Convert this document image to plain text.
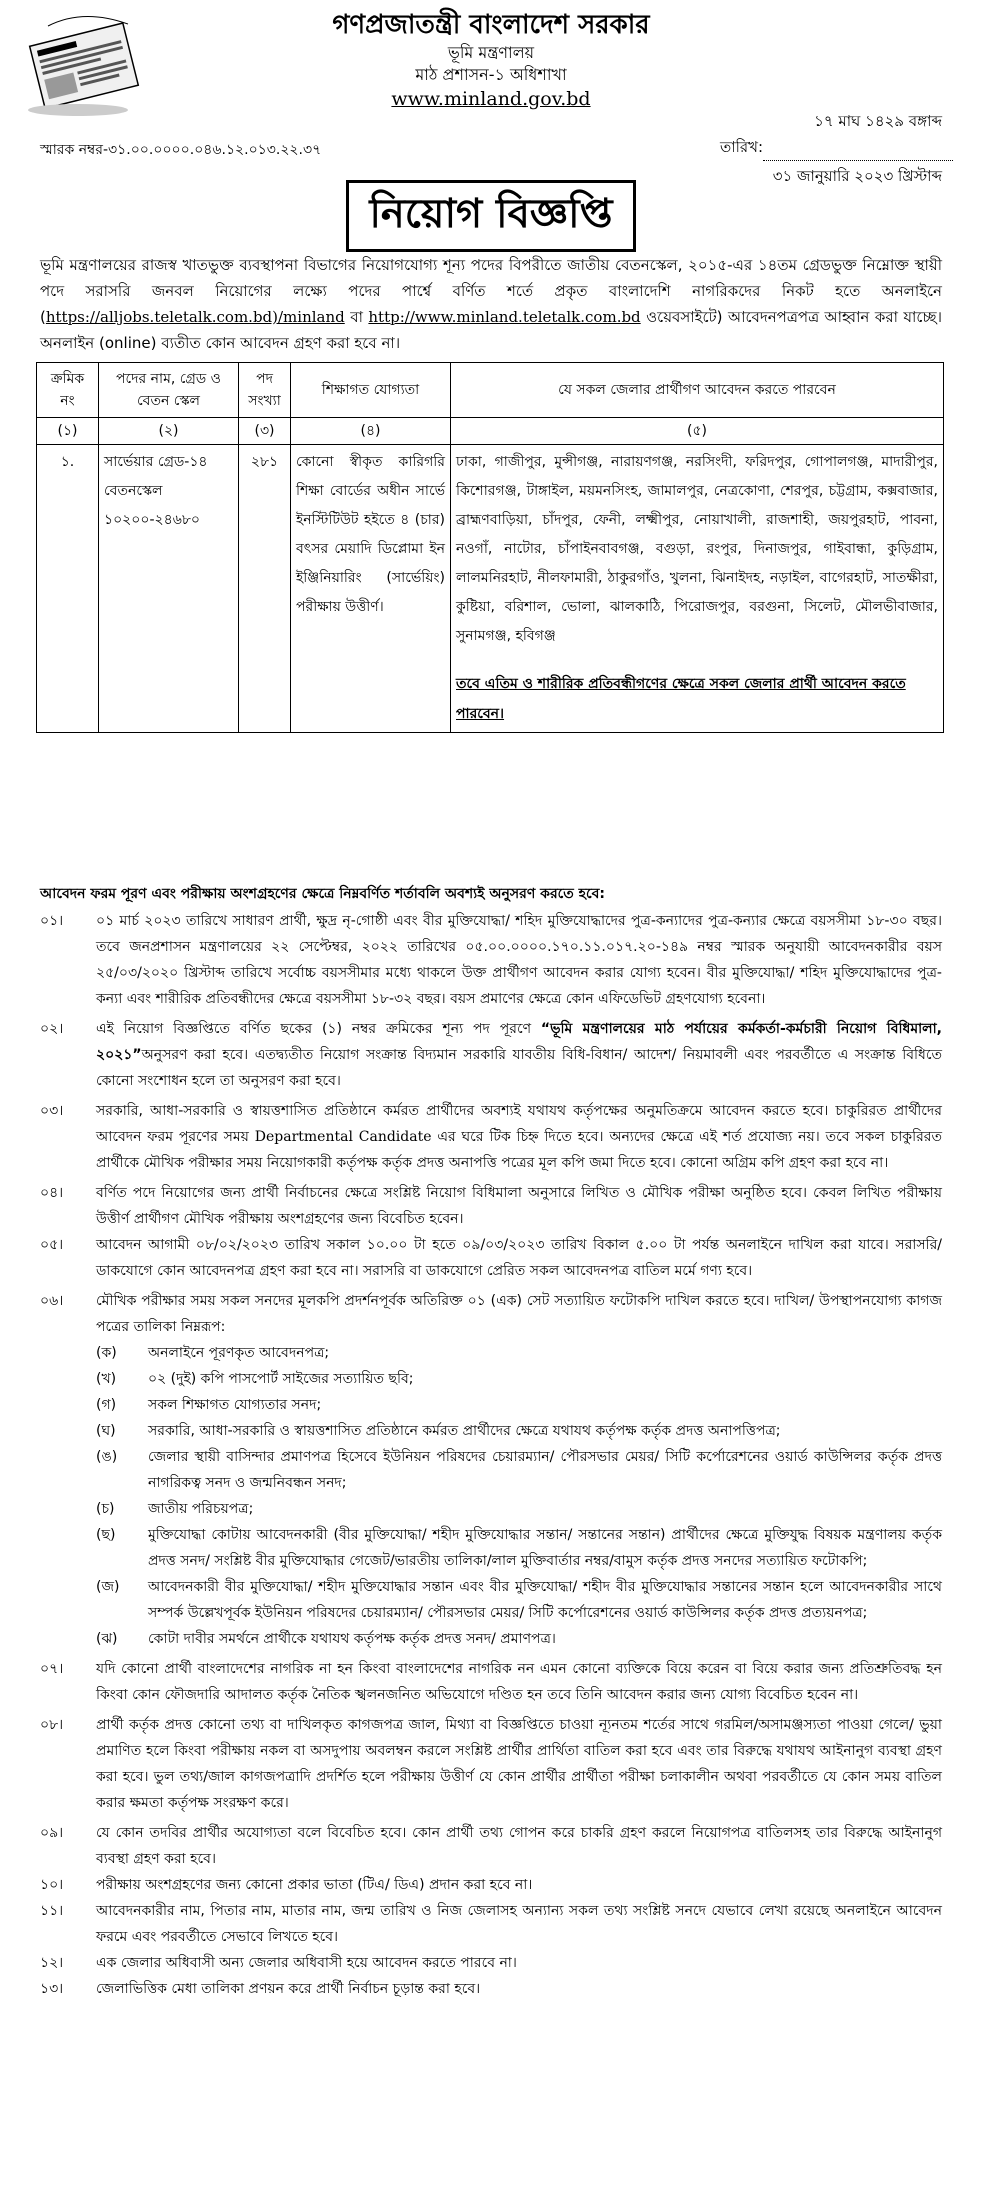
গণপ্রজাতন্ত্রী বাংলাদেশ সরকার
ভূমি মন্ত্রণালয়
মাঠ প্রশাসন-১ অধিশাখা
www.minland.gov.bd
১৭ মাঘ ১৪২৯ বঙ্গাব্দ
স্মারক নম্বর-৩১.০০.০০০০.০৪৬.১২.০১৩.২২.৩৭	তারিখ:
৩১ জানুয়ারি ২০২৩ খ্রিস্টাব্দ
নিয়োগ বিজ্ঞপ্তি
ভূমি মন্ত্রণালয়ের রাজস্ব খাতভুক্ত ব্যবস্থাপনা বিভাগের নিয়োগযোগ্য শূন্য পদের বিপরীতে জাতীয় বেতনস্কেল, ২০১৫-এর ১৪তম গ্রেডভুক্ত নিম্নোক্ত স্থায়ী পদে সরাসরি জনবল নিয়োগের লক্ষ্যে পদের পার্শ্বে বর্ণিত শর্তে প্রকৃত বাংলাদেশি নাগরিকদের নিকট হতে অনলাইনে (https://alljobs.teletalk.com.bd)/minland বা http://www.minland.teletalk.com.bd ওয়েবসাইটে) আবেদনপত্রপত্র আহ্বান করা যাচ্ছে। অনলাইন (online) ব্যতীত কোন আবেদন গ্রহণ করা হবে না।
ক্রমিক নং	পদের নাম, গ্রেড ও বেতন স্কেল	পদ সংখ্যা	শিক্ষাগত যোগ্যতা	যে সকল জেলার প্রার্থীগণ আবেদন করতে পারবেন
(১)	(২)	(৩)	(৪)	(৫)
১.	সার্ভেয়ার গ্রেড-১৪ বেতনস্কেল ১০২০০-২৪৬৮০	২৮১	কোনো স্বীকৃত কারিগরি শিক্ষা বোর্ডের অধীন সার্ভে ইনস্টিটিউট হইতে ৪ (চার) বৎসর মেয়াদি ডিপ্লোমা ইন ইঞ্জিনিয়ারিং (সার্ভেয়িং) পরীক্ষায় উত্তীর্ণ।	ঢাকা, গাজীপুর, মুন্সীগঞ্জ, নারায়ণগঞ্জ, নরসিংদী, ফরিদপুর, গোপালগঞ্জ, মাদারীপুর, কিশোরগঞ্জ, টাঙ্গাইল, ময়মনসিংহ, জামালপুর, নেত্রকোণা, শেরপুর, চট্টগ্রাম, কক্সবাজার, ব্রাহ্মণবাড়িয়া, চাঁদপুর, ফেনী, লক্ষ্মীপুর, নোয়াখালী, রাজশাহী, জয়পুরহাট, পাবনা, নওগাঁ, নাটোর, চাঁপাইনবাবগঞ্জ, বগুড়া, রংপুর, দিনাজপুর, গাইবান্ধা, কুড়িগ্রাম, লালমনিরহাট, নীলফামারী, ঠাকুরগাঁও, খুলনা, ঝিনাইদহ, নড়াইল, বাগেরহাট, সাতক্ষীরা, কুষ্টিয়া, বরিশাল, ভোলা, ঝালকাঠি, পিরোজপুর, বরগুনা, সিলেট, মৌলভীবাজার, সুনামগঞ্জ, হবিগঞ্জ
তবে এতিম ও শারীরিক প্রতিবন্ধীগণের ক্ষেত্রে সকল জেলার প্রার্থী আবেদন করতে পারবেন।
আবেদন ফরম পূরণ এবং পরীক্ষায় অংশগ্রহণের ক্ষেত্রে নিম্নবর্ণিত শর্তাবলি অবশ্যই অনুসরণ করতে হবে:
০১।	০১ মার্চ ২০২৩ তারিখে সাধারণ প্রার্থী, ক্ষুদ্র নৃ-গোষ্ঠী এবং বীর মুক্তিযোদ্ধা/ শহিদ মুক্তিযোদ্ধাদের পুত্র-কন্যাদের পুত্র-কন্যার ক্ষেত্রে বয়সসীমা ১৮-৩০ বছর। তবে জনপ্রশাসন মন্ত্রণালয়ের ২২ সেপ্টেম্বর, ২০২২ তারিখের ০৫.০০.০০০০.১৭০.১১.০১৭.২০-১৪৯ নম্বর স্মারক অনুযায়ী আবেদনকারীর বয়স ২৫/০৩/২০২০ খ্রিস্টাব্দ তারিখে সর্বোচ্চ বয়সসীমার মধ্যে থাকলে উক্ত প্রার্থীগণ আবেদন করার যোগ্য হবেন। বীর মুক্তিযোদ্ধা/ শহিদ মুক্তিযোদ্ধাদের পুত্র-কন্যা এবং শারীরিক প্রতিবন্ধীদের ক্ষেত্রে বয়সসীমা ১৮-৩২ বছর। বয়স প্রমাণের ক্ষেত্রে কোন এফিডেভিট গ্রহণযোগ্য হবেনা।
০২।	এই নিয়োগ বিজ্ঞপ্তিতে বর্ণিত ছকের (১) নম্বর ক্রমিকের শূন্য পদ পূরণে “ভূমি মন্ত্রণালয়ের মাঠ পর্যায়ের কর্মকর্তা-কর্মচারী নিয়োগ বিধিমালা, ২০২১”অনুসরণ করা হবে। এতদ্ব্যতীত নিয়োগ সংক্রান্ত বিদ্যমান সরকারি যাবতীয় বিধি-বিধান/ আদেশ/ নিয়মাবলী এবং পরবর্তীতে এ সংক্রান্ত বিধিতে কোনো সংশোধন হলে তা অনুসরণ করা হবে।
০৩।	সরকারি, আধা-সরকারি ও স্বায়ত্তশাসিত প্রতিষ্ঠানে কর্মরত প্রার্থীদের অবশ্যই যথাযথ কর্তৃপক্ষের অনুমতিক্রমে আবেদন করতে হবে। চাকুরিরত প্রার্থীদের আবেদন ফরম পূরণের সময় Departmental Candidate এর ঘরে টিক চিহ্ন দিতে হবে। অন্যদের ক্ষেত্রে এই শর্ত প্রযোজ্য নয়। তবে সকল চাকুরিরত প্রার্থীকে মৌখিক পরীক্ষার সময় নিয়োগকারী কর্তৃপক্ষ কর্তৃক প্রদত্ত অনাপত্তি পত্রের মূল কপি জমা দিতে হবে। কোনো অগ্রিম কপি গ্রহণ করা হবে না।
০৪।	বর্ণিত পদে নিয়োগের জন্য প্রার্থী নির্বাচনের ক্ষেত্রে সংশ্লিষ্ট নিয়োগ বিধিমালা অনুসারে লিখিত ও মৌখিক পরীক্ষা অনুষ্ঠিত হবে। কেবল লিখিত পরীক্ষায় উত্তীর্ণ প্রার্থীগণ মৌখিক পরীক্ষায় অংশগ্রহণের জন্য বিবেচিত হবেন।
০৫।	আবেদন আগামী ০৮/০২/২০২৩ তারিখ সকাল ১০.০০ টা হতে ০৯/০৩/২০২৩ তারিখ বিকাল ৫.০০ টা পর্যন্ত অনলাইনে দাখিল করা যাবে। সরাসরি/ ডাকযোগে কোন আবেদনপত্র গ্রহণ করা হবে না। সরাসরি বা ডাকযোগে প্রেরিত সকল আবেদনপত্র বাতিল মর্মে গণ্য হবে।
০৬।	মৌখিক পরীক্ষার সময় সকল সনদের মূলকপি প্রদর্শনপূর্বক অতিরিক্ত ০১ (এক) সেট সত্যায়িত ফটোকপি দাখিল করতে হবে। দাখিল/ উপস্থাপনযোগ্য কাগজ পত্রের তালিকা নিম্নরূপ:
(ক)	অনলাইনে পূরণকৃত আবেদনপত্র;
(খ)	০২ (দুই) কপি পাসপোর্ট সাইজের সত্যায়িত ছবি;
(গ)	সকল শিক্ষাগত যোগ্যতার সনদ;
(ঘ)	সরকারি, আধা-সরকারি ও স্বায়ত্তশাসিত প্রতিষ্ঠানে কর্মরত প্রার্থীদের ক্ষেত্রে যথাযথ কর্তৃপক্ষ কর্তৃক প্রদত্ত অনাপত্তিপত্র;
(ঙ)	জেলার স্থায়ী বাসিন্দার প্রমাণপত্র হিসেবে ইউনিয়ন পরিষদের চেয়ারম্যান/ পৌরসভার মেয়র/ সিটি কর্পোরেশনের ওয়ার্ড কাউন্সিলর কর্তৃক প্রদত্ত নাগরিকত্ব সনদ ও জন্মনিবন্ধন সনদ;
(চ)	জাতীয় পরিচয়পত্র;
(ছ)	মুক্তিযোদ্ধা কোটায় আবেদনকারী (বীর মুক্তিযোদ্ধা/ শহীদ মুক্তিযোদ্ধার সন্তান/ সন্তানের সন্তান) প্রার্থীদের ক্ষেত্রে মুক্তিযুদ্ধ বিষয়ক মন্ত্রণালয় কর্তৃক প্রদত্ত সনদ/ সংশ্লিষ্ট বীর মুক্তিযোদ্ধার গেজেট/ভারতীয় তালিকা/লাল মুক্তিবার্তার নম্বর/বামুস কর্তৃক প্রদত্ত সনদের সত্যায়িত ফটোকপি;
(জ)	আবেদনকারী বীর মুক্তিযোদ্ধা/ শহীদ মুক্তিযোদ্ধার সন্তান এবং বীর মুক্তিযোদ্ধা/ শহীদ বীর মুক্তিযোদ্ধার সন্তানের সন্তান হলে আবেদনকারীর সাথে সম্পর্ক উল্লেখপূর্বক ইউনিয়ন পরিষদের চেয়ারম্যান/ পৌরসভার মেয়র/ সিটি কর্পোরেশনের ওয়ার্ড কাউন্সিলর কর্তৃক প্রদত্ত প্রত্যয়নপত্র;
(ঝ)	কোটা দাবীর সমর্থনে প্রার্থীকে যথাযথ কর্তৃপক্ষ কর্তৃক প্রদত্ত সনদ/ প্রমাণপত্র।
০৭।	যদি কোনো প্রার্থী বাংলাদেশের নাগরিক না হন কিংবা বাংলাদেশের নাগরিক নন এমন কোনো ব্যক্তিকে বিয়ে করেন বা বিয়ে করার জন্য প্রতিশ্রুতিবদ্ধ হন কিংবা কোন ফৌজদারি আদালত কর্তৃক নৈতিক স্খলনজনিত অভিযোগে দণ্ডিত হন তবে তিনি আবেদন করার জন্য যোগ্য বিবেচিত হবেন না।
০৮।	প্রার্থী কর্তৃক প্রদত্ত কোনো তথ্য বা দাখিলকৃত কাগজপত্র জাল, মিথ্যা বা বিজ্ঞপ্তিতে চাওয়া ন্যূনতম শর্তের সাথে গরমিল/অসামঞ্জস্যতা পাওয়া গেলে/ ভুয়া প্রমাণিত হলে কিংবা পরীক্ষায় নকল বা অসদুপায় অবলম্বন করলে সংশ্লিষ্ট প্রার্থীর প্রার্থিতা বাতিল করা হবে এবং তার বিরুদ্ধে যথাযথ আইনানুগ ব্যবস্থা গ্রহণ করা হবে। ভুল তথ্য/জাল কাগজপত্রাদি প্রদর্শিত হলে পরীক্ষায় উত্তীর্ণ যে কোন প্রার্থীর প্রার্থীতা পরীক্ষা চলাকালীন অথবা পরবর্তীতে যে কোন সময় বাতিল করার ক্ষমতা কর্তৃপক্ষ সংরক্ষণ করে।
০৯।	যে কোন তদবির প্রার্থীর অযোগ্যতা বলে বিবেচিত হবে। কোন প্রার্থী তথ্য গোপন করে চাকরি গ্রহণ করলে নিয়োগপত্র বাতিলসহ তার বিরুদ্ধে আইনানুগ ব্যবস্থা গ্রহণ করা হবে।
১০।	পরীক্ষায় অংশগ্রহণের জন্য কোনো প্রকার ভাতা (টিএ/ ডিএ) প্রদান করা হবে না।
১১।	আবেদনকারীর নাম, পিতার নাম, মাতার নাম, জন্ম তারিখ ও নিজ জেলাসহ অন্যান্য সকল তথ্য সংশ্লিষ্ট সনদে যেভাবে লেখা রয়েছে অনলাইনে আবেদন ফরমে এবং পরবর্তীতে সেভাবে লিখতে হবে।
১২।	এক জেলার অধিবাসী অন্য জেলার অধিবাসী হয়ে আবেদন করতে পারবে না।
১৩।	জেলাভিত্তিক মেধা তালিকা প্রণয়ন করে প্রার্থী নির্বাচন চূড়ান্ত করা হবে।
